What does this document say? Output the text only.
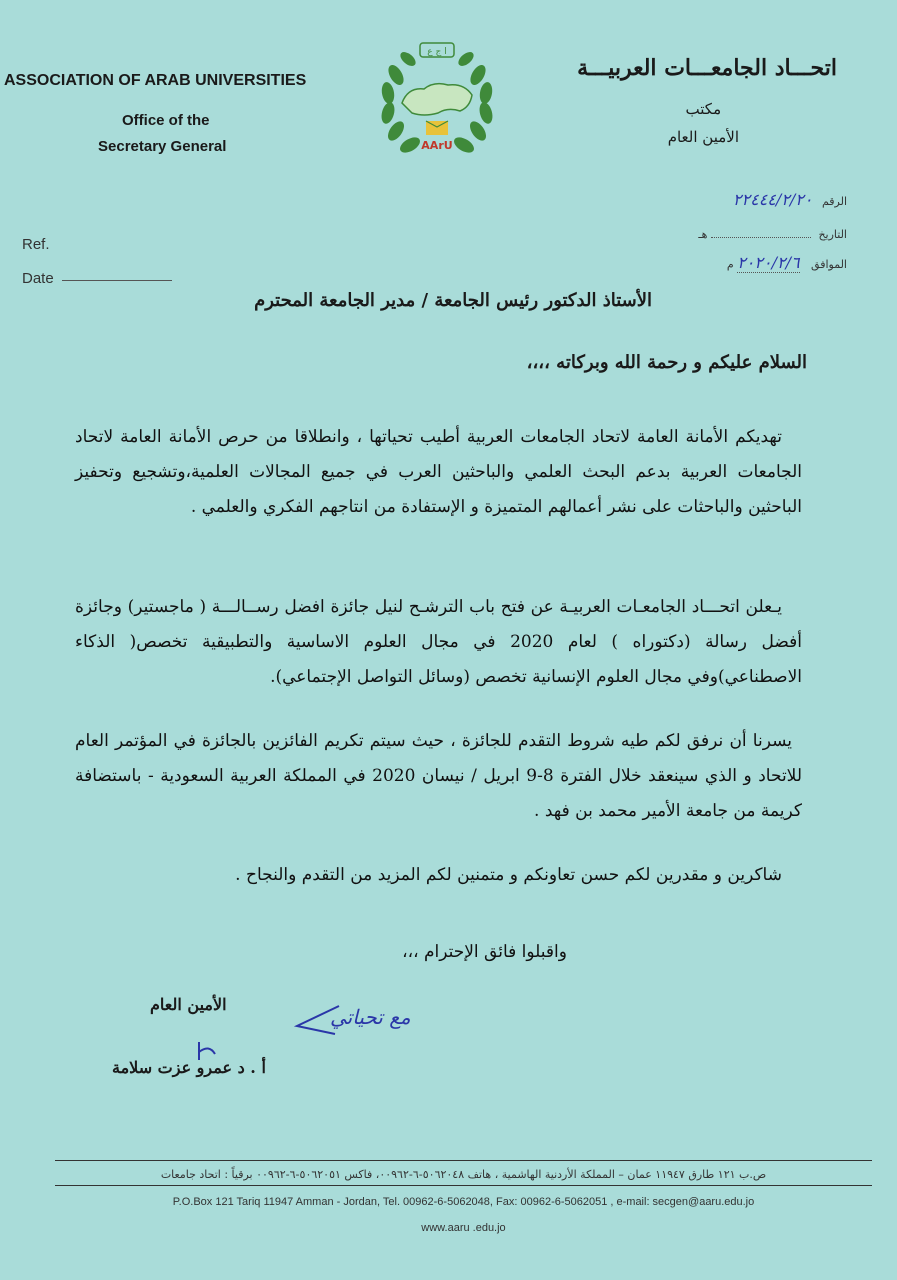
ASSOCIATION OF ARAB UNIVERSITIES
Office of the
Secretary General
اتحـــاد الجامعـــات العربيـــة
مكتب
الأمين العام
ا ج ع
AArU
Ref.
Date
الرقم ٢٢٤٤٤/٢/٢٠
التاريخ  هـ
الموافق ٢٠٢٠/٢/٦ م
الأستاذ الدكتور رئيس الجامعة / مدير الجامعة المحترم
السلام عليكم و رحمة الله وبركاته ،،،،
تهديكم الأمانة العامة لاتحاد الجامعات العربية أطيب تحياتها ، وانطلاقا من حرص الأمانة العامة لاتحاد الجامعات العربية بدعم البحث العلمي والباحثين العرب في جميع المجالات العلمية،وتشجيع وتحفيز الباحثين والباحثات على نشر أعمالهم المتميزة و الإستفادة من انتاجهم الفكري والعلمي .
يـعلن اتحـــاد الجامعـات العربيـة عن فتح باب الترشـح لنيل جائزة افضل رســالـــة ( ماجستير) وجائزة أفضل رسالة (دكتوراه ) لعام 2020 في مجال العلوم الاساسية والتطبيقية تخصص( الذكاء الاصطناعي)وفي مجال العلوم الإنسانية تخصص (وسائل التواصل الإجتماعي).
يسرنا أن نرفق لكم طيه شروط التقدم للجائزة ، حيث سيتم تكريم الفائزين بالجائزة في المؤتمر العام للاتحاد و الذي سينعقد خلال الفترة 8-9 ابريل / نيسان 2020 في المملكة العربية السعودية - باستضافة كريمة من جامعة الأمير محمد بن فهد .
شاكرين و مقدرين لكم حسن تعاونكم و متمنين لكم المزيد من التقدم والنجاح .
واقبلوا فائق الإحترام ،،،
الأمين العام
أ . د عمرو عزت سلامة
مع تحياتي
ص.ب ١٢١ طارق ١١٩٤٧ عمان – المملكة الأردنية الهاشمية ، هاتف ٥٠٦٢٠٤٨-٦-٠٠٩٦٢، فاكس ٥٠٦٢٠٥١-٦-٠٠٩٦٢ برقياً : اتحاد جامعات
P.O.Box 121 Tariq 11947 Amman - Jordan, Tel. 00962-6-5062048, Fax: 00962-6-5062051 , e-mail: secgen@aaru.edu.jo
www.aaru .edu.jo
